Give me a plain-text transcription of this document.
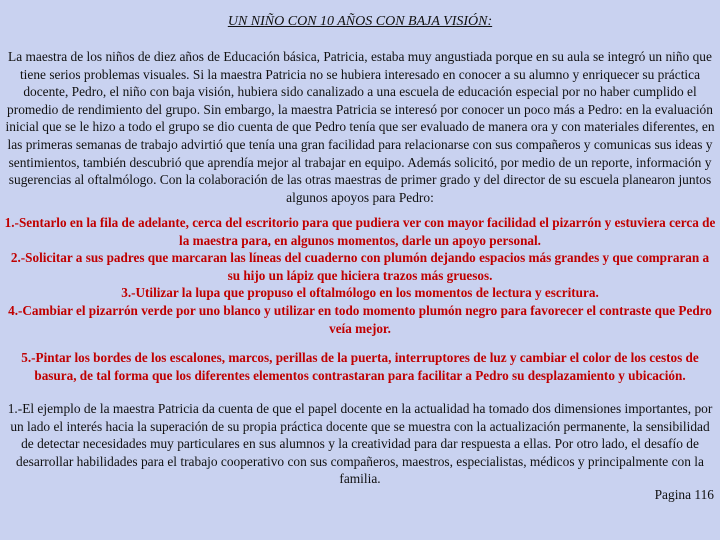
UN NIÑO CON 10 AÑOS CON BAJA VISIÓN:

La maestra de los niños de diez años de Educación básica, Patricia, estaba muy angustiada porque en su aula se integró un niño que tiene serios problemas visuales. Si la maestra Patricia no se hubiera interesado en conocer a su alumno y enriquecer su práctica docente, Pedro, el niño con baja visión, hubiera sido canalizado a una escuela de educación especial por no haber cumplido el promedio de rendimiento del grupo. Sin embargo, la maestra Patricia se interesó por conocer un poco más a Pedro: en la evaluación inicial que se le hizo a todo el grupo se dio cuenta de que Pedro tenía que ser evaluado de manera ora y con materiales diferentes, en las primeras semanas de trabajo advirtió que tenía una gran facilidad para relacionarse con sus compañeros y comunicas sus ideas y sentimientos, también descubrió que aprendía mejor al trabajar en equipo. Además solicitó, por medio de un reporte, información y sugerencias al oftalmólogo. Con la colaboración de las otras maestras de primer grado y del director de su escuela planearon juntos algunos apoyos para Pedro:

1.-Sentarlo en la fila de adelante, cerca del escritorio para que pudiera ver con mayor facilidad el pizarrón y estuviera cerca de la maestra para, en algunos momentos, darle un apoyo personal.
2.-Solicitar a sus padres que marcaran las líneas del cuaderno con plumón dejando espacios más grandes y que compraran a su hijo un lápiz que hiciera trazos más gruesos.
3.-Utilizar la lupa que propuso el oftalmólogo en los momentos de lectura y escritura.
4.-Cambiar el pizarrón verde por uno blanco y utilizar en todo momento plumón negro para favorecer el contraste que Pedro veía mejor.

5.-Pintar los bordes de los escalones, marcos, perillas de la puerta, interruptores de luz y cambiar el color de los cestos de basura, de tal forma que los diferentes elementos contrastaran para facilitar a Pedro su desplazamiento y ubicación.

1.-El ejemplo de la maestra Patricia da cuenta de que el papel docente en la actualidad ha tomado dos dimensiones importantes, por un lado el interés hacia la superación de su propia práctica docente que se muestra con la actualización permanente, la sensibilidad de detectar necesidades muy particulares en sus alumnos y la creatividad para dar respuesta a ellas. Por otro lado, el desafío de desarrollar habilidades para el trabajo cooperativo con sus compañeros, maestros, especialistas, médicos y principalmente con la familia.

Pagina 116
